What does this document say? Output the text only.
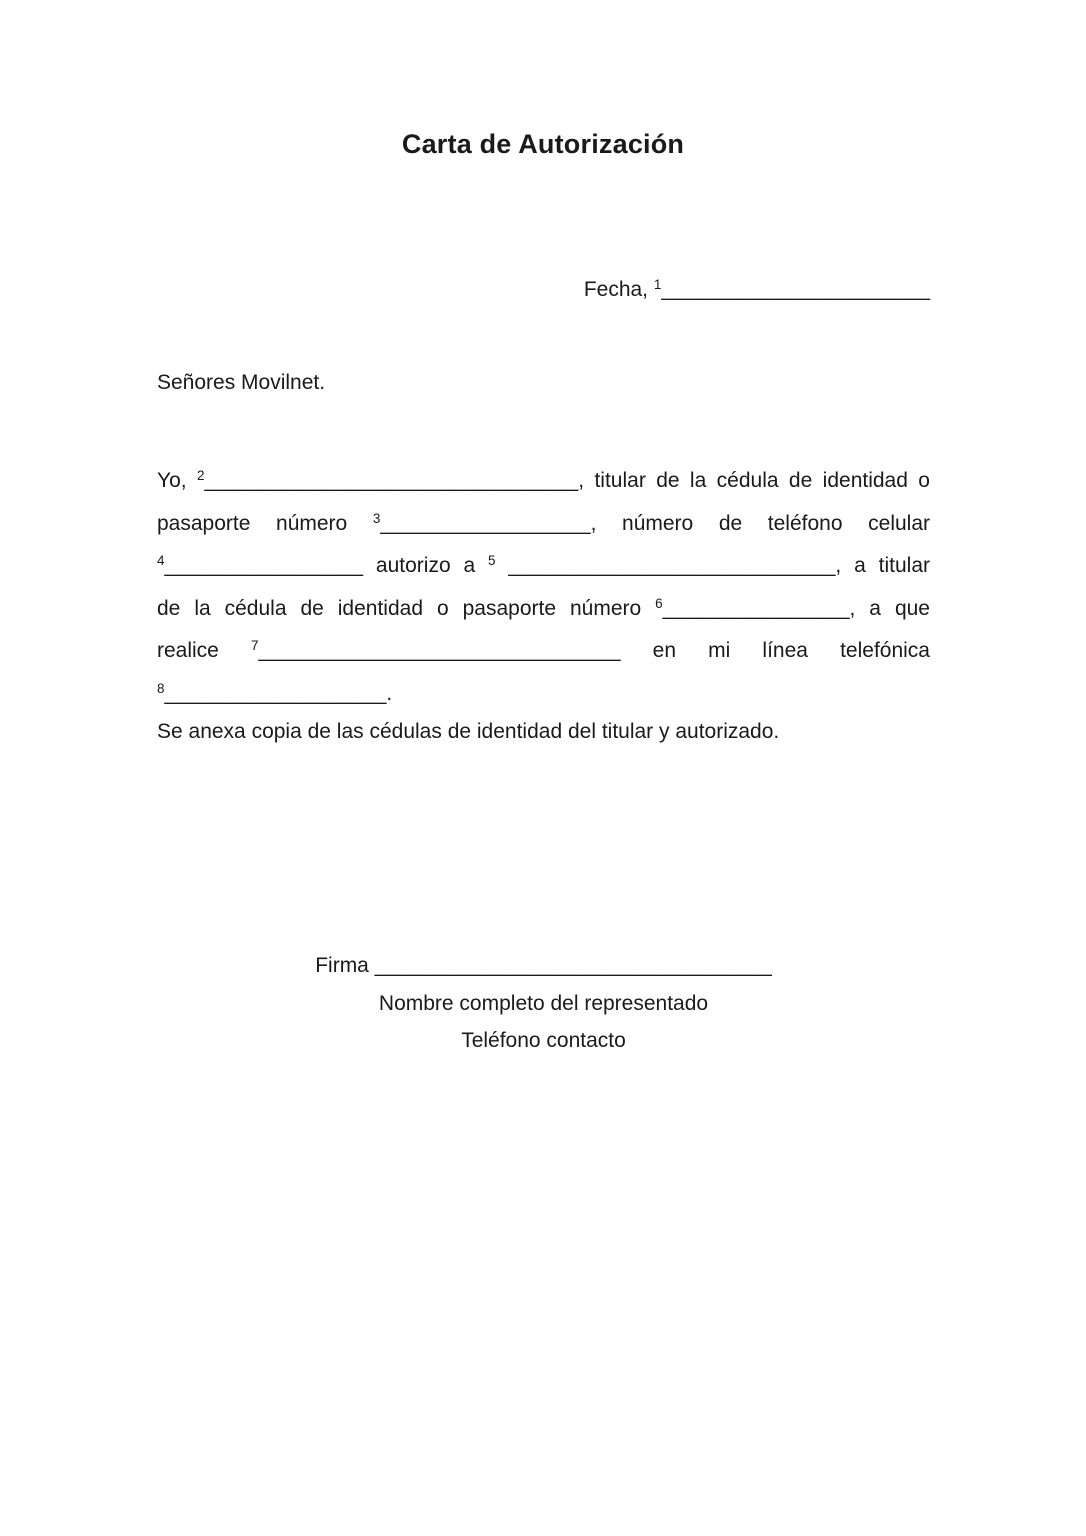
Carta de Autorización
Fecha, $^1$_______________________
Señores Movilnet.
Yo, $^2$________________________________, titular de la cédula de identidad o
pasaporte número $^3$__________________, número de teléfono celular
$^4$_________________ autorizo a $^5$ ____________________________, a titular
de la cédula de identidad o pasaporte número $^6$________________, a que
realice $^7$_______________________________ en mi línea telefónica
$^8$___________________.
Se anexa copia de las cédulas de identidad del titular y autorizado.
Firma __________________________________
Nombre completo del representado
Teléfono contacto
